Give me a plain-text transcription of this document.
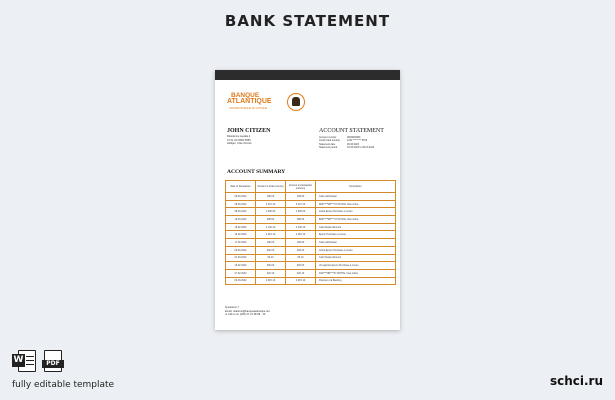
BANK STATEMENT
BANQUE
ATLANTIQUE
GROUPE BANQUE ATLANTIQUE
JOHN CITIZEN
Résidence Lavalle 4
07 01 AC 8000 5555
Abidjan, Côte d'Ivoire
ACCOUNT STATEMENT
Account number	0000000080
Credit Card number	1234 **** **** 5678
Statement date	09.03.2023
Statement period	01.03.2023 to 09.03.2023
ACCOUNT SUMMARY
Date of transaction	Amount in local currency	Amount in transaction currency	Description
09.03.2022	198.00	198.00	Cash withdrawal
08.03.2022	3 047.10	3 047.10	BNP****9B****37 PAYPAL Visa online
08.03.2022	1 900.00	1 900.00	Achat Epson Purchase a moore
10.03.2022	398.00	398.00	BNP****9B****37 PAYPAL Visa online
18.02.2022	2 130.10	2 130.10	Cash Replenishment
16.02.2022	4 015.10	4 015.10	Epson Purchase a moore
17.02.2022	198.00	198.00	Cash withdrawal
09.03.2022	400.00	400.00	Achat Epson Purchase a moore
01.03.2022	90.10	90.10	Cash Replenishment
16.02.2022	300.00	300.00	Vit aspirant Epson Purchase a moore
27.02.2022	320.10	320.10	D22****9B****37 PAYPAL Visa online
09.03.2022	4 015.10	4 015.10	Payment via Banking
Questions ?
Email: relations@banqueatlantique.net
or call us on (225) 27 21 98 98 - 19
W	PDF
fully editable template	schci.ru
